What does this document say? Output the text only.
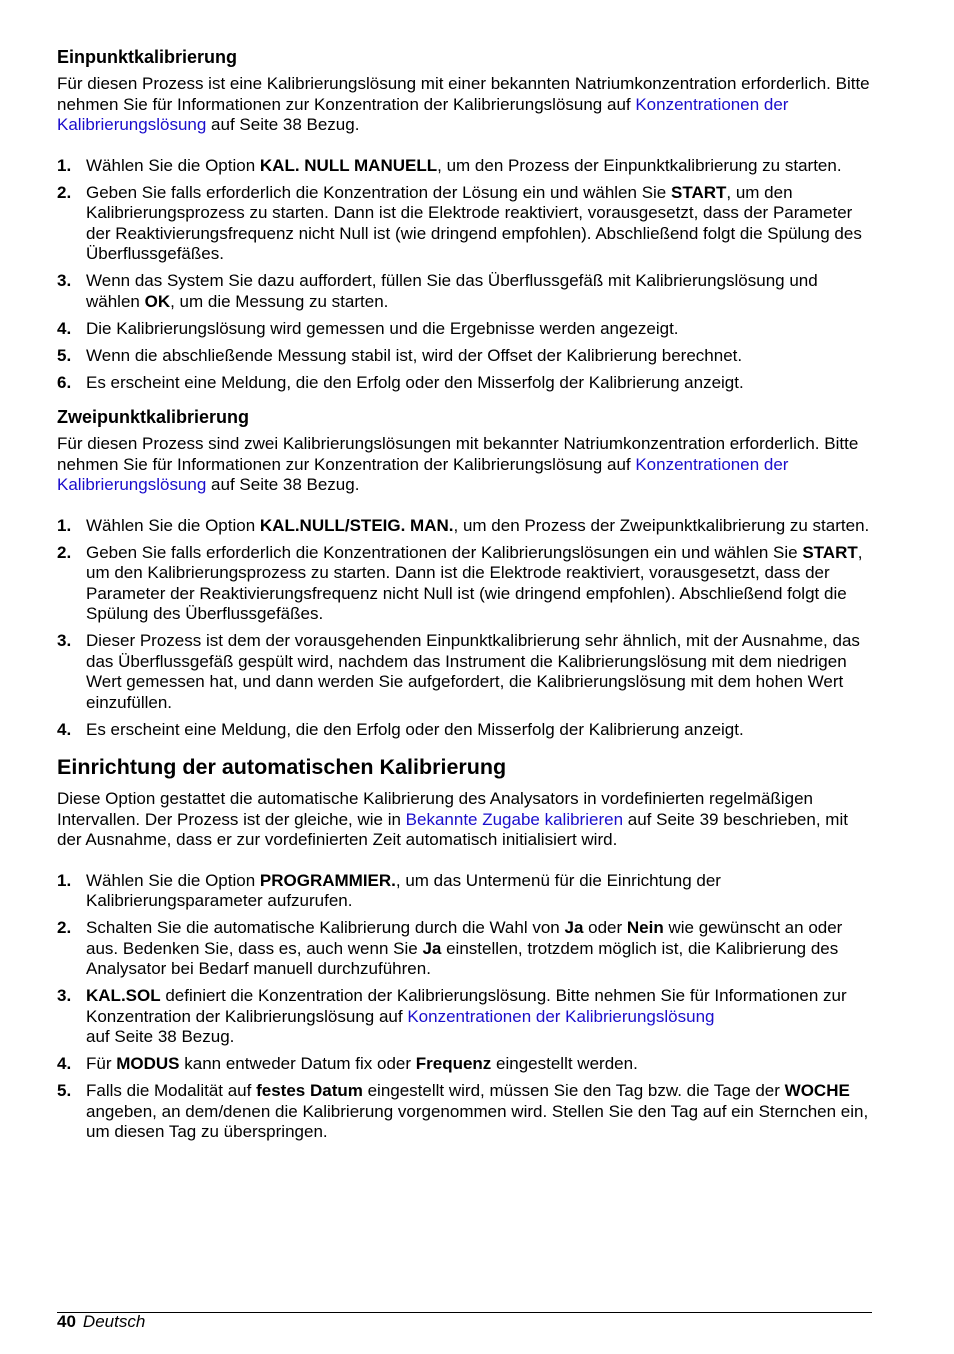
Einpunktkalibrierung

Für diesen Prozess ist eine Kalibrierungslösung mit einer bekannten Natriumkonzentration erforderlich. Bitte nehmen Sie für Informationen zur Konzentration der Kalibrierungslösung auf Konzentrationen der Kalibrierungslösung auf Seite 38 Bezug.

1. Wählen Sie die Option KAL. NULL MANUELL, um den Prozess der Einpunktkalibrierung zu starten.
2. Geben Sie falls erforderlich die Konzentration der Lösung ein und wählen Sie START, um den Kalibrierungsprozess zu starten. Dann ist die Elektrode reaktiviert, vorausgesetzt, dass der Parameter der Reaktivierungsfrequenz nicht Null ist (wie dringend empfohlen). Abschließend folgt die Spülung des Überflussgefäßes.
3. Wenn das System Sie dazu auffordert, füllen Sie das Überflussgefäß mit Kalibrierungslösung und wählen OK, um die Messung zu starten.
4. Die Kalibrierungslösung wird gemessen und die Ergebnisse werden angezeigt.
5. Wenn die abschließende Messung stabil ist, wird der Offset der Kalibrierung berechnet.
6. Es erscheint eine Meldung, die den Erfolg oder den Misserfolg der Kalibrierung anzeigt.
Zweipunktkalibrierung

Für diesen Prozess sind zwei Kalibrierungslösungen mit bekannter Natriumkonzentration erforderlich. Bitte nehmen Sie für Informationen zur Konzentration der Kalibrierungslösung auf Konzentrationen der Kalibrierungslösung auf Seite 38 Bezug.

1. Wählen Sie die Option KAL.NULL/STEIG. MAN., um den Prozess der Zweipunktkalibrierung zu starten.
2. Geben Sie falls erforderlich die Konzentrationen der Kalibrierungslösungen ein und wählen Sie START, um den Kalibrierungsprozess zu starten. Dann ist die Elektrode reaktiviert, vorausgesetzt, dass der Parameter der Reaktivierungsfrequenz nicht Null ist (wie dringend empfohlen). Abschließend folgt die Spülung des Überflussgefäßes.
3. Dieser Prozess ist dem der vorausgehenden Einpunktkalibrierung sehr ähnlich, mit der Ausnahme, das das Überflussgefäß gespült wird, nachdem das Instrument die Kalibrierungslösung mit dem niedrigen Wert gemessen hat, und dann werden Sie aufgefordert, die Kalibrierungslösung mit dem hohen Wert einzufüllen.
4. Es erscheint eine Meldung, die den Erfolg oder den Misserfolg der Kalibrierung anzeigt.
Einrichtung der automatischen Kalibrierung

Diese Option gestattet die automatische Kalibrierung des Analysators in vordefinierten regelmäßigen Intervallen. Der Prozess ist der gleiche, wie in Bekannte Zugabe kalibrieren auf Seite 39 beschrieben, mit der Ausnahme, dass er zur vordefinierten Zeit automatisch initialisiert wird.

1. Wählen Sie die Option PROGRAMMIER., um das Untermenü für die Einrichtung der Kalibrierungsparameter aufzurufen.
2. Schalten Sie die automatische Kalibrierung durch die Wahl von Ja oder Nein wie gewünscht an oder aus. Bedenken Sie, dass es, auch wenn Sie Ja einstellen, trotzdem möglich ist, die Kalibrierung des Analysator bei Bedarf manuell durchzuführen.
3. KAL.SOL definiert die Konzentration der Kalibrierungslösung. Bitte nehmen Sie für Informationen zur Konzentration der Kalibrierungslösung auf Konzentrationen der Kalibrierungslösung
auf Seite 38 Bezug.
4. Für MODUS kann entweder Datum fix oder Frequenz eingestellt werden.
5. Falls die Modalität auf festes Datum eingestellt wird, müssen Sie den Tag bzw. die Tage der WOCHE angeben, an dem/denen die Kalibrierung vorgenommen wird. Stellen Sie den Tag auf ein Sternchen ein, um diesen Tag zu überspringen.
40 Deutsch
